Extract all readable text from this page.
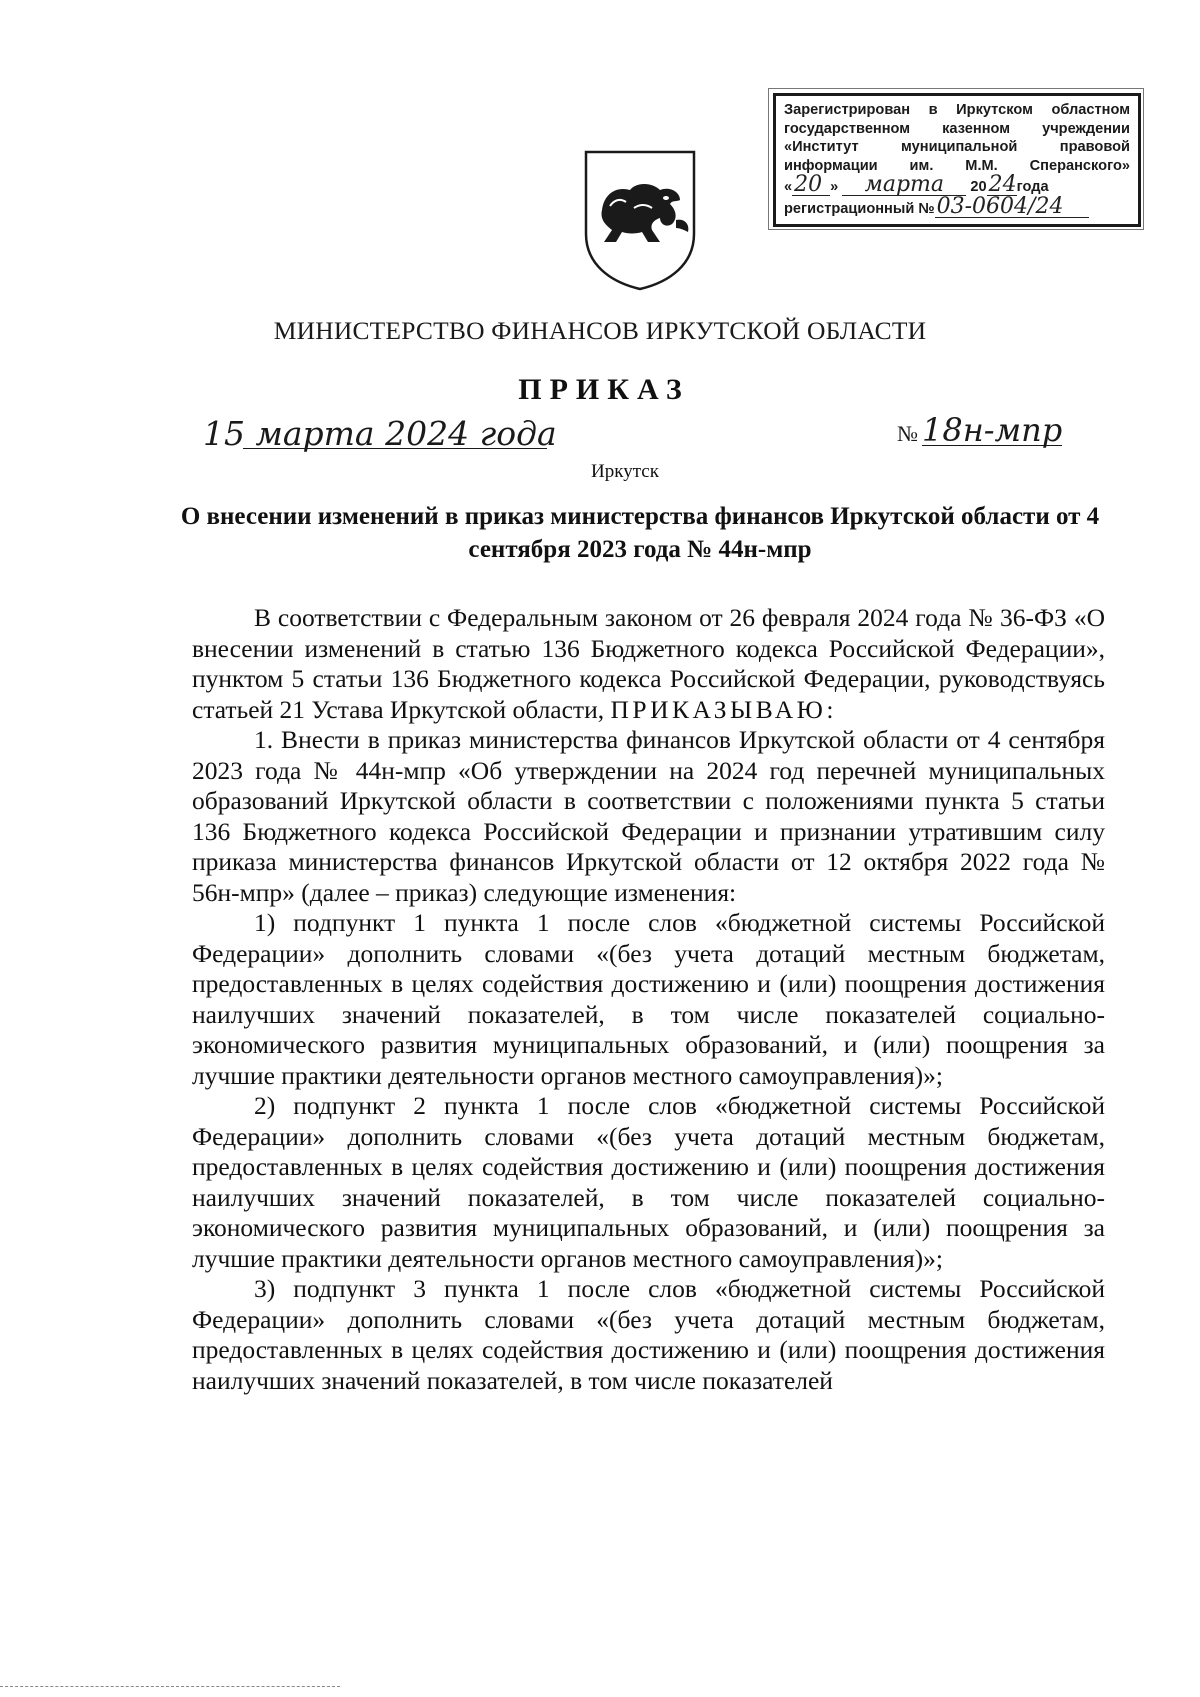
Зарегистрирован в Иркутском областном
государственном казенном учреждении
«Институт муниципальной правовой
информации им. М.М. Сперанского»
«20 » марта 2024года
регистрационный №03-0604/24
МИНИСТЕРСТВО ФИНАНСОВ ИРКУТСКОЙ ОБЛАСТИ
ПРИКАЗ
15 марта 2024 года	№ 18н-мпр
Иркутск
О внесении изменений в приказ министерства финансов Иркутской области от 4 сентября 2023 года № 44н-мпр

В соответствии с Федеральным законом от 26 февраля 2024 года № 36-ФЗ «О внесении изменений в статью 136 Бюджетного кодекса Российской Федерации», пунктом 5 статьи 136 Бюджетного кодекса Российской Федерации, руководствуясь статьей 21 Устава Иркутской области, ПРИКАЗЫВАЮ:

1. Внести в приказ министерства финансов Иркутской области от 4 сентября 2023 года № 44н-мпр «Об утверждении на 2024 год перечней муниципальных образований Иркутской области в соответствии с положениями пункта 5 статьи 136 Бюджетного кодекса Российской Федерации и признании утратившим силу приказа министерства финансов Иркутской области от 12 октября 2022 года № 56н-мпр» (далее – приказ) следующие изменения:

1) подпункт 1 пункта 1 после слов «бюджетной системы Российской Федерации» дополнить словами «(без учета дотаций местным бюджетам, предоставленных в целях содействия достижению и (или) поощрения достижения наилучших значений показателей, в том числе показателей социально-экономического развития муниципальных образований, и (или) поощрения за лучшие практики деятельности органов местного самоуправления)»;

2) подпункт 2 пункта 1 после слов «бюджетной системы Российской Федерации» дополнить словами «(без учета дотаций местным бюджетам, предоставленных в целях содействия достижению и (или) поощрения достижения наилучших значений показателей, в том числе показателей социально-экономического развития муниципальных образований, и (или) поощрения за лучшие практики деятельности органов местного самоуправления)»;

3) подпункт 3 пункта 1 после слов «бюджетной системы Российской Федерации» дополнить словами «(без учета дотаций местным бюджетам, предоставленных в целях содействия достижению и (или) поощрения достижения наилучших значений показателей, в том числе показателей
